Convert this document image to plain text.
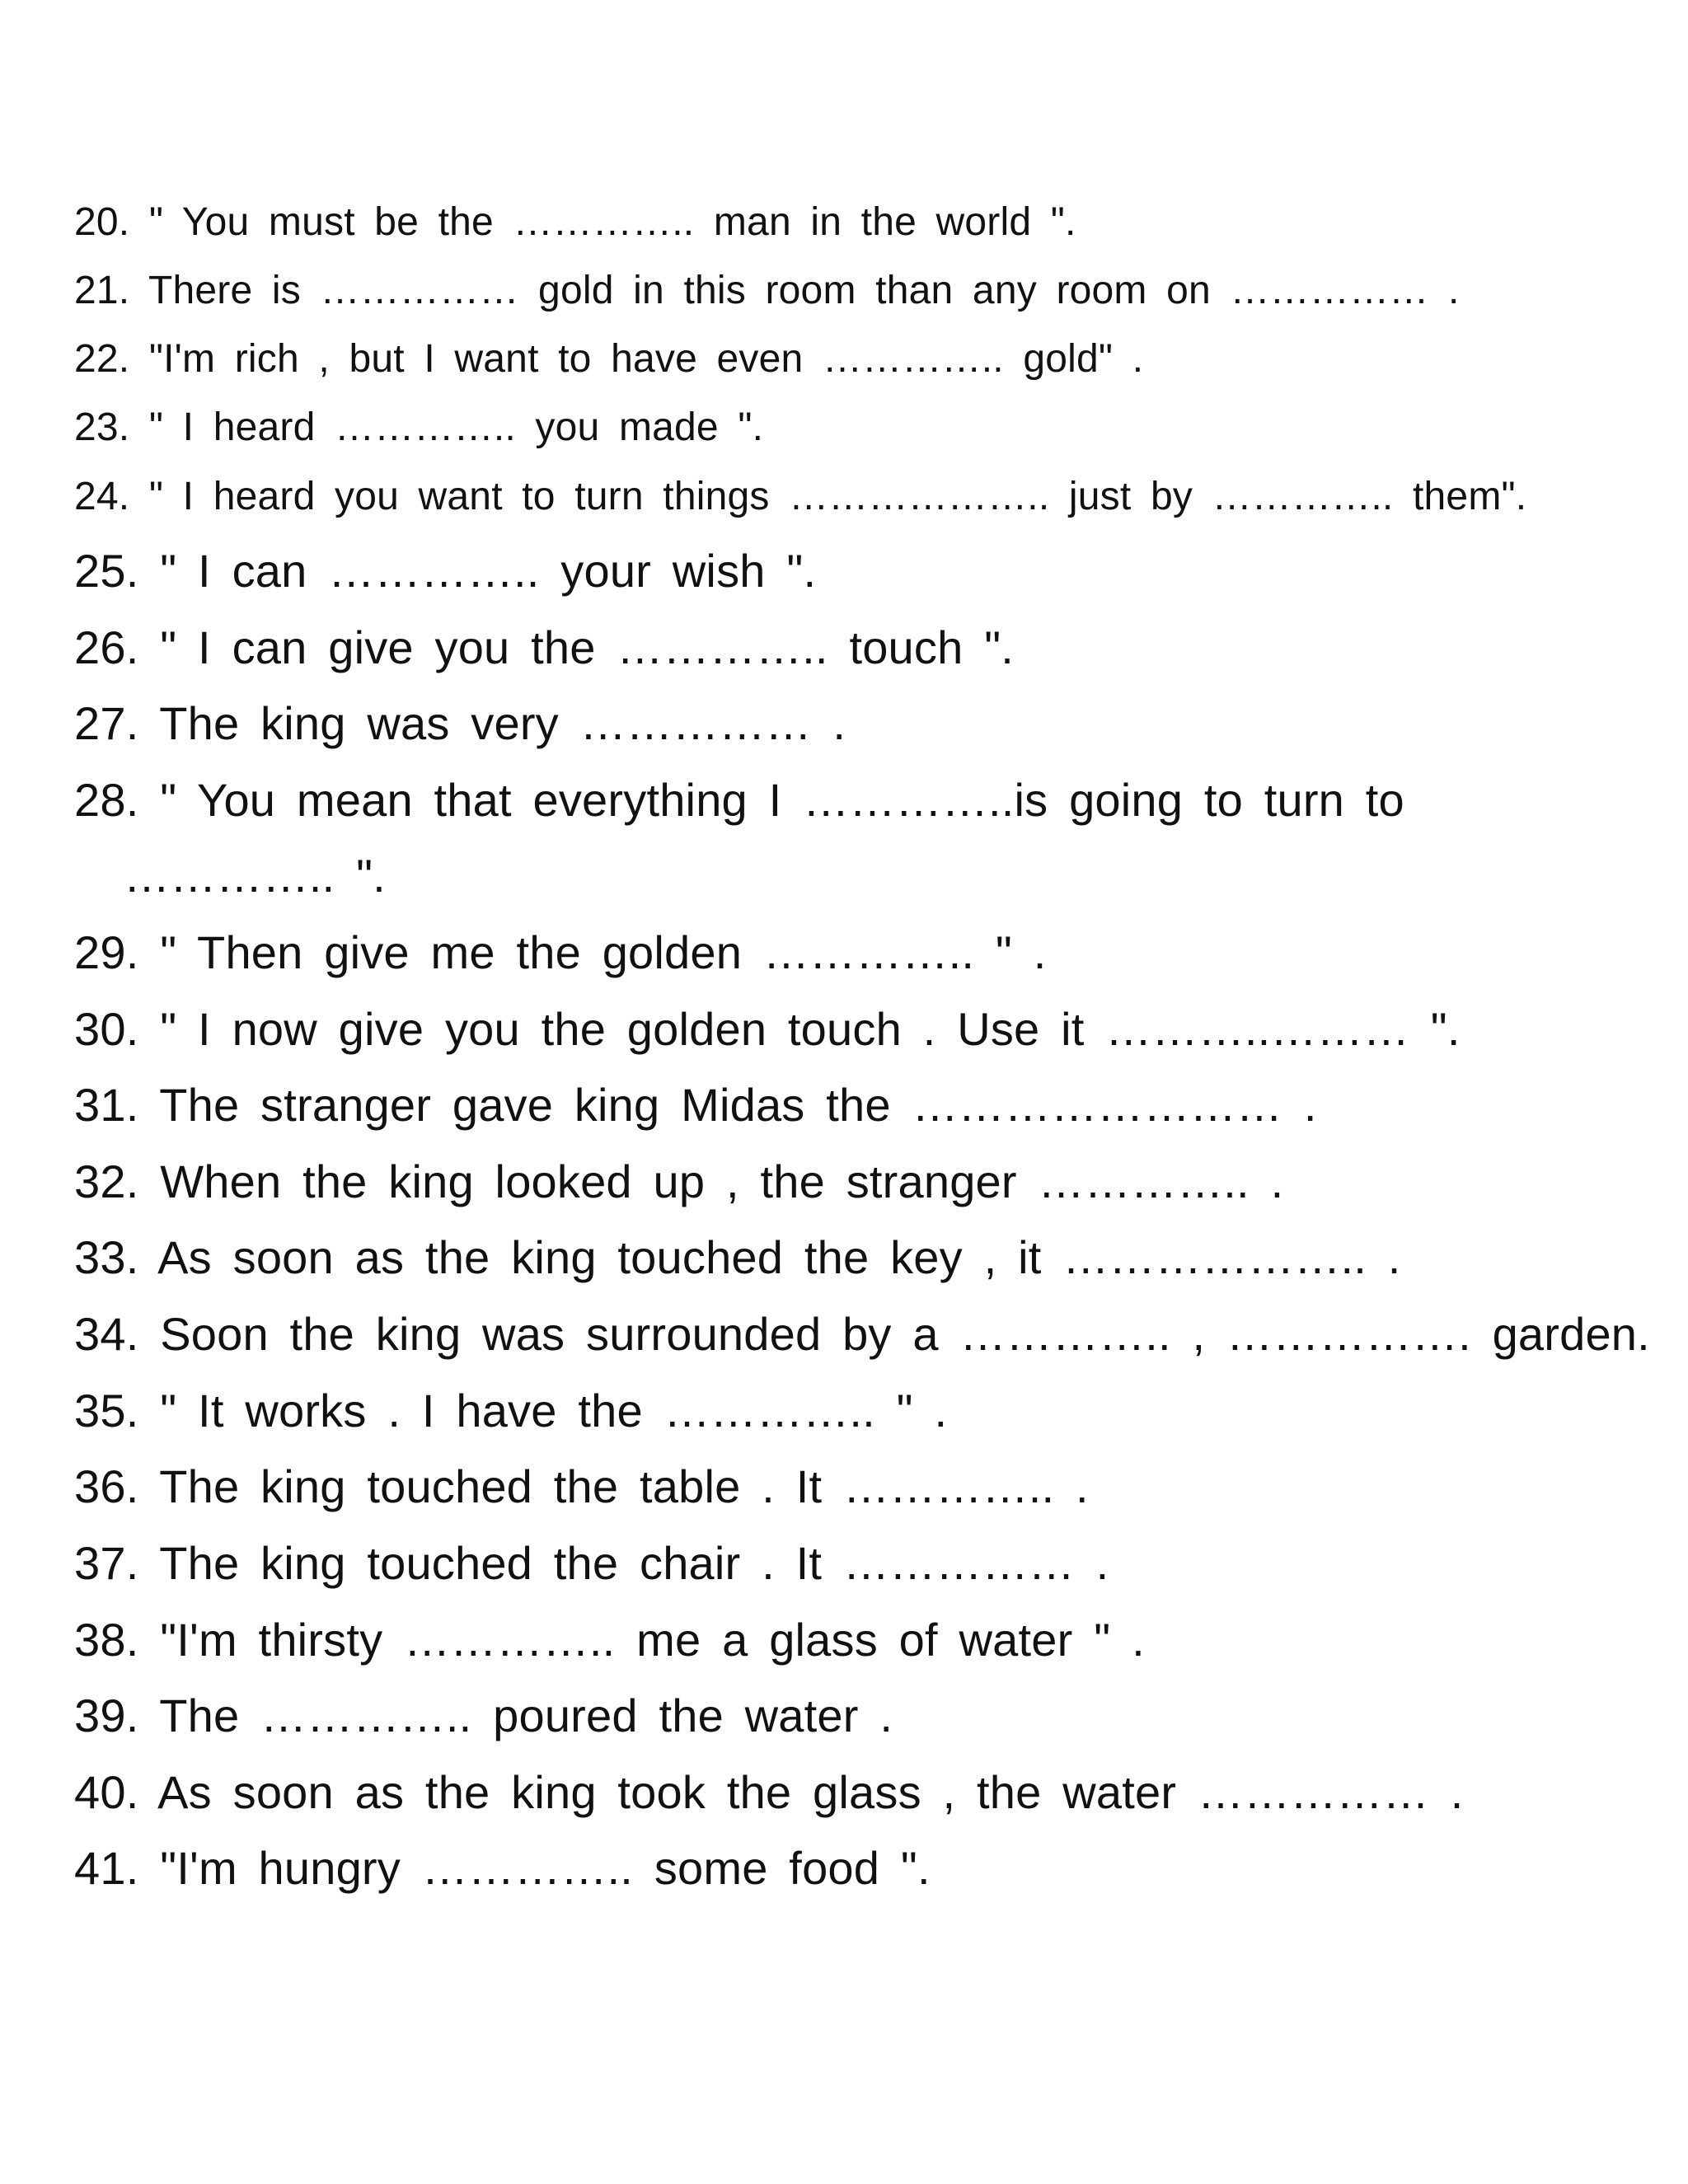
20. " You must be the ………….. man in the world ".
21. There is …………… gold in this room than any room on …………… .
22. "I'm rich , but I want to have even ………….. gold" .
23. " I heard ………….. you made ".
24. " I heard you want to turn things ……………….. just by ………….. them".
25. " I can ………….. your wish ".
26. " I can give you the ………….. touch ".
27. The king was very …………… .
28. " You mean that everything I …………..is going to turn to
………….. ".
29. " Then give me the golden ………….. " .
30. " I now give you the golden touch . Use it ………..……… ".
31. The stranger gave king Midas the …………………… .
32. When the king looked up , the stranger ………….. .
33. As soon as the king touched the key , it ……………….. .
34. Soon the king was surrounded by a ………….. , ……………. garden.
35. " It works . I have the ………….. " .
36. The king touched the table . It ………….. .
37. The king touched the chair . It …………… .
38. "I'm thirsty ………….. me a glass of water " .
39. The ………….. poured the water .
40. As soon as the king took the glass , the water …………… .
41. "I'm hungry ………….. some food ".
